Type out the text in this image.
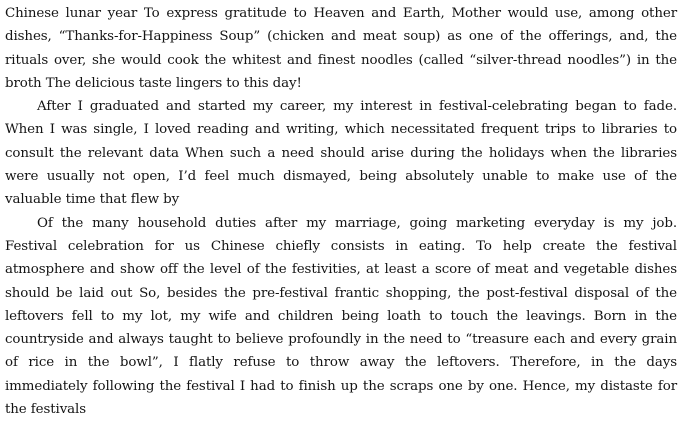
Chinese lunar year To express gratitude to Heaven and Earth, Mother would use, among other
dishes, “Thanks-for-Happiness Soup” (chicken and meat soup) as one of the offerings, and, the
rituals over, she would cook the whitest and finest noodles (called “silver-thread noodles”) in the
broth The delicious taste lingers to this day!
After I graduated and started my career, my interest in festival-celebrating began to fade.
When I was single, I loved reading and writing, which necessitated frequent trips to libraries to
consult the relevant data When such a need should arise during the holidays when the libraries
were usually not open, I’d feel much dismayed, being absolutely unable to make use of the
valuable time that flew by
Of the many household duties after my marriage, going marketing everyday is my job.
Festival celebration for us Chinese chiefly consists in eating. To help create the festival
atmosphere and show off the level of the festivities, at least a score of meat and vegetable dishes
should be laid out So, besides the pre-festival frantic shopping, the post-festival disposal of the
leftovers fell to my lot, my wife and children being loath to touch the leavings. Born in the
countryside and always taught to believe profoundly in the need to “treasure each and every grain
of rice in the bowl”, I flatly refuse to throw away the leftovers. Therefore, in the days
immediately following the festival I had to finish up the scraps one by one. Hence, my distaste for
the festivals
